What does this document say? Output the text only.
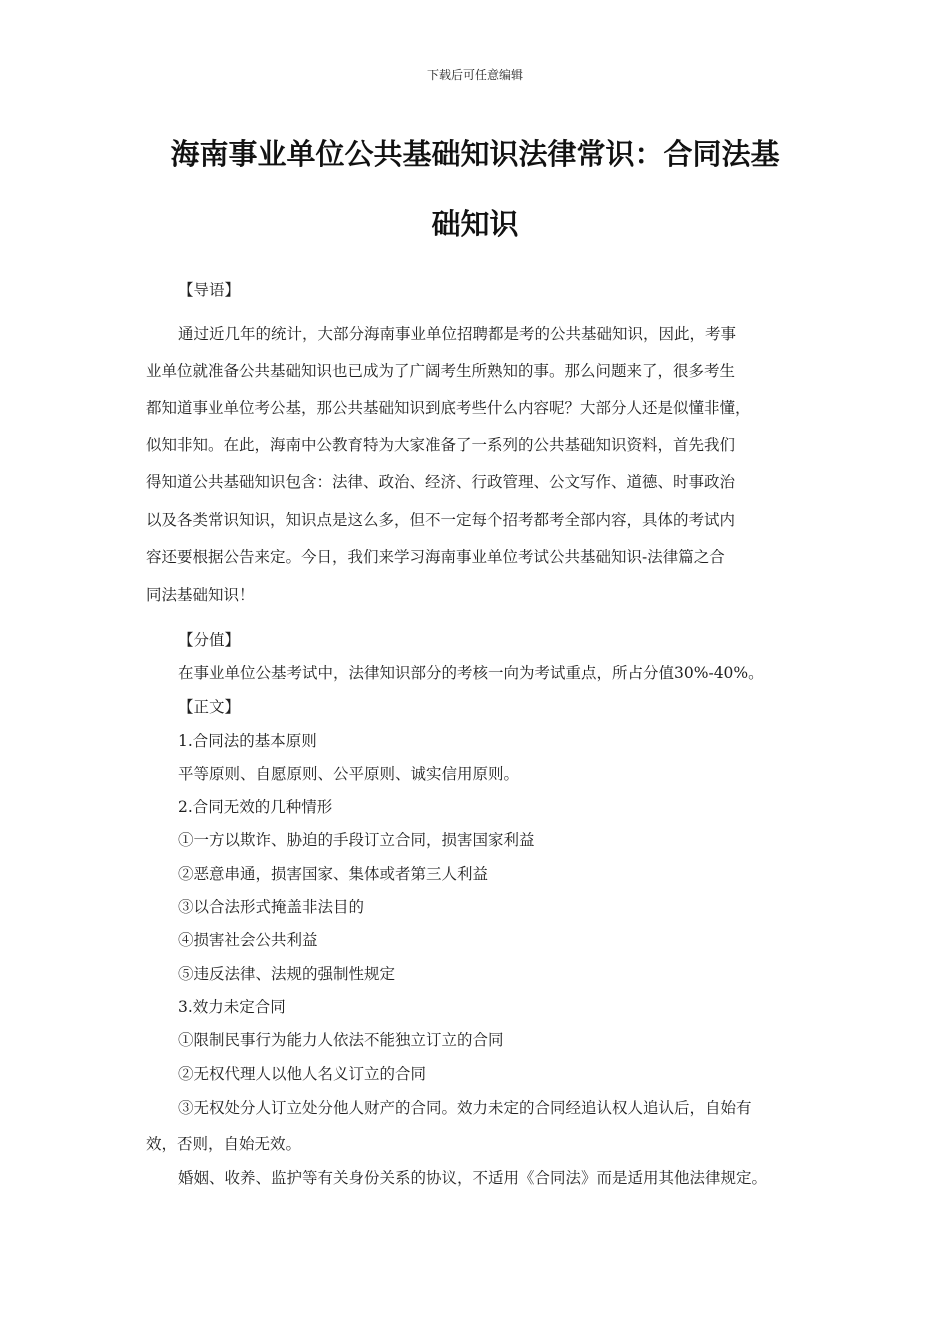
下载后可任意编辑
海南事业单位公共基础知识法律常识：合同法基
础知识
【导语】
通过近几年的统计，大部分海南事业单位招聘都是考的公共基础知识，因此，考事
业单位就准备公共基础知识也已成为了广阔考生所熟知的事。那么问题来了，很多考生
都知道事业单位考公基，那公共基础知识到底考些什么内容呢？大部分人还是似懂非懂，
似知非知。在此，海南中公教育特为大家准备了一系列的公共基础知识资料，首先我们
得知道公共基础知识包含：法律、政治、经济、行政管理、公文写作、道德、时事政治
以及各类常识知识，知识点是这么多，但不一定每个招考都考全部内容，具体的考试内
容还要根据公告来定。今日，我们来学习海南事业单位考试公共基础知识-法律篇之合
同法基础知识！
【分值】
在事业单位公基考试中，法律知识部分的考核一向为考试重点，所占分值30%-40%。
【正文】
1.合同法的基本原则
平等原则、自愿原则、公平原则、诚实信用原则。
2.合同无效的几种情形
①一方以欺诈、胁迫的手段订立合同，损害国家利益
②恶意串通，损害国家、集体或者第三人利益
③以合法形式掩盖非法目的
④损害社会公共利益
⑤违反法律、法规的强制性规定
3.效力未定合同
①限制民事行为能力人依法不能独立订立的合同
②无权代理人以他人名义订立的合同
③无权处分人订立处分他人财产的合同。效力未定的合同经追认权人追认后，自始有
效，否则，自始无效。
婚姻、收养、监护等有关身份关系的协议，不适用《合同法》而是适用其他法律规定。
